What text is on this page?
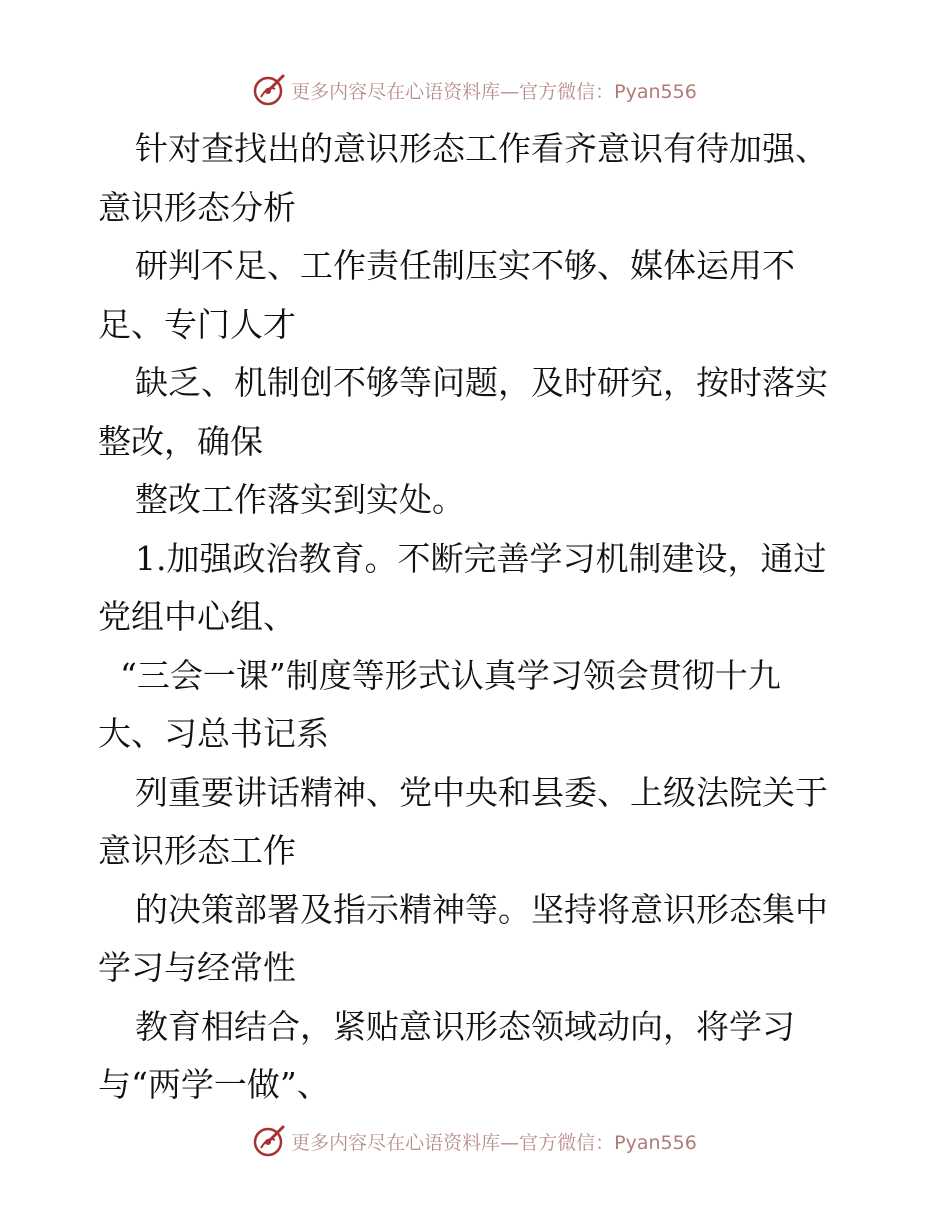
更多内容尽在心语资料库—官方微信：Pyan556
针对查找出的意识形态工作看齐意识有待加强、
意识形态分析
研判不足、工作责任制压实不够、媒体运用不
足、专门人才
缺乏、机制创不够等问题，及时研究，按时落实
整改，确保
整改工作落实到实处。
1.加强政治教育。不断完善学习机制建设，通过
党组中心组、
“三会一课”制度等形式认真学习领会贯彻十九
大、习总书记系
列重要讲话精神、党中央和县委、上级法院关于
意识形态工作
的决策部署及指示精神等。坚持将意识形态集中
学习与经常性
教育相结合，紧贴意识形态领域动向，将学习
与“两学一做”、
更多内容尽在心语资料库—官方微信：Pyan556
